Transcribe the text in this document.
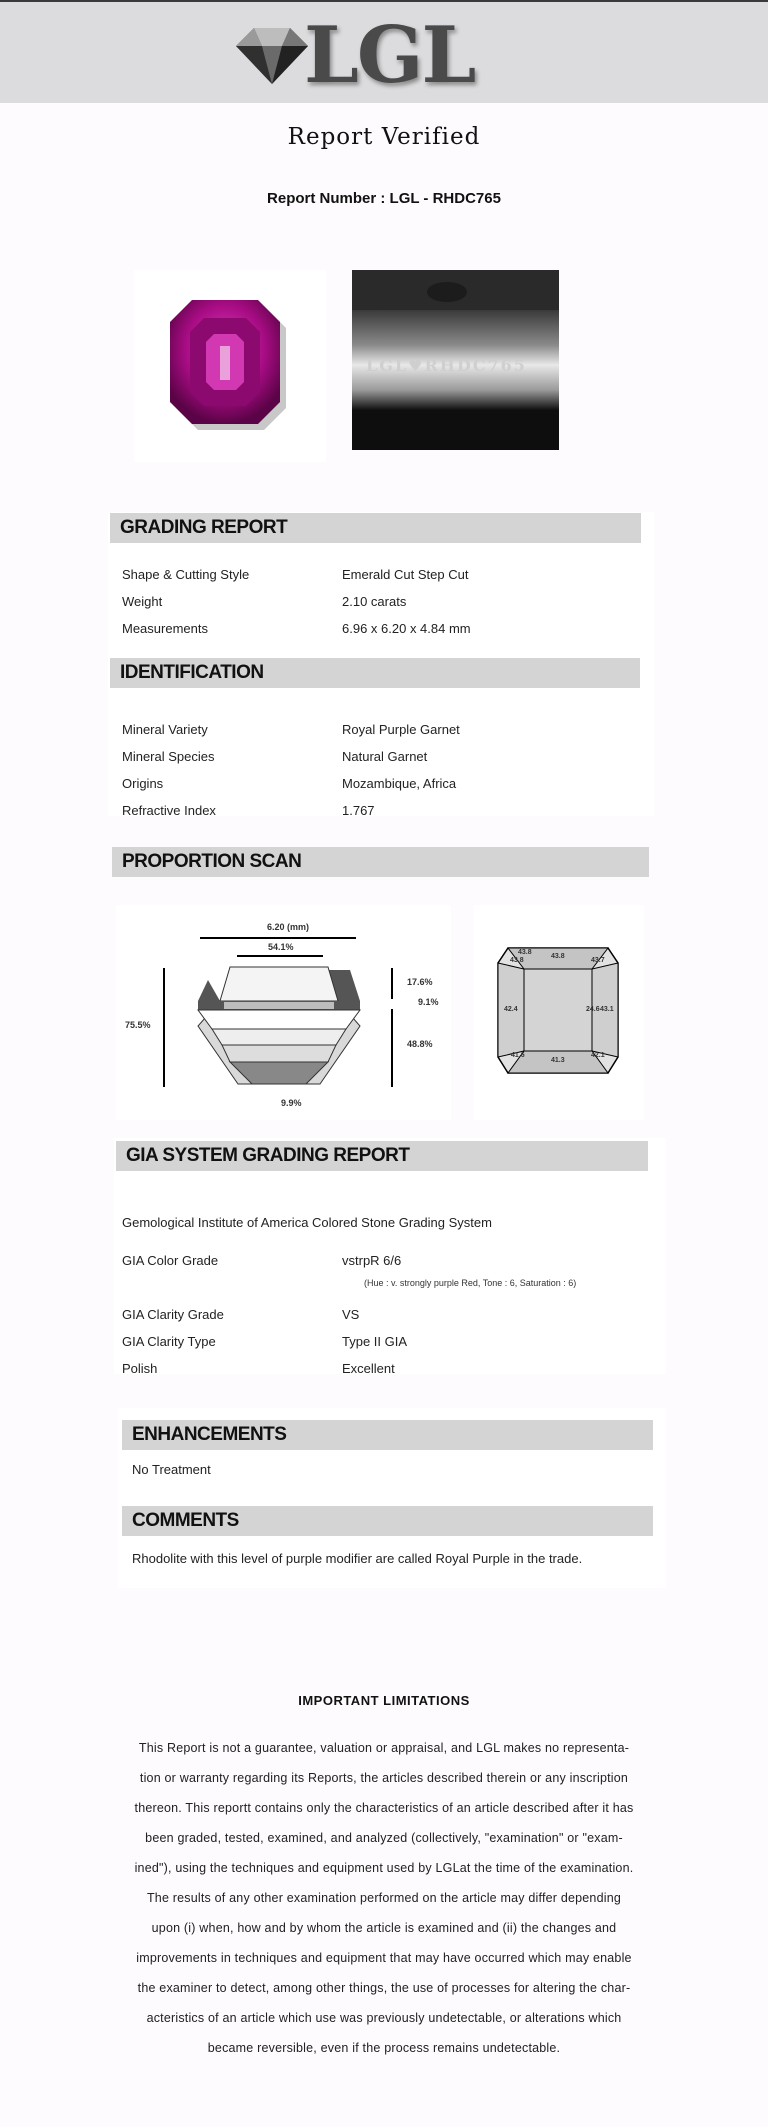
LGL
Report Verified
Report Number : LGL - RHDC765
LGL♥RHDC765
GRADING REPORT
Shape & Cutting Style	Emerald Cut Step Cut
Weight	2.10 carats
Measurements	6.96 x 6.20 x 4.84 mm
IDENTIFICATION
Mineral Variety	Royal Purple Garnet
Mineral Species	Natural Garnet
Origins	Mozambique, Africa
Refractive Index	1.767
PROPORTION SCAN
6.20 (mm)
54.1%
75.5%
17.6%
9.1%
48.8%
9.9%
43.8
43.8
43.8
43.7
42.4	24.6 43.1
41.6
41.3
42.1
GIA SYSTEM GRADING REPORT
Gemological Institute of America Colored Stone Grading System
GIA Color Grade	vstrpR 6/6
(Hue : v. strongly purple Red, Tone : 6, Saturation : 6)
GIA Clarity Grade	VS
GIA Clarity Type	Type II GIA
Polish	Excellent
ENHANCEMENTS
No Treatment
COMMENTS
Rhodolite with this level of purple modifier are called Royal Purple in the trade.
IMPORTANT LIMITATIONS
This Report is not a guarantee, valuation or appraisal, and LGL makes no representa-
tion or warranty regarding its Reports, the articles described therein or any inscription
thereon. This reportt contains only the characteristics of an article described after it has
been graded, tested, examined, and analyzed (collectively, "examination" or "exam-
ined"), using the techniques and equipment used by LGLat the time of the examination.
The results of any other examination performed on the article may differ depending
upon (i) when, how and by whom the article is examined and (ii) the changes and
improvements in techniques and equipment that may have occurred which may enable
the examiner to detect, among other things, the use of processes for altering the char-
acteristics of an article which use was previously undetectable, or alterations which
became reversible, even if the process remains undetectable.
